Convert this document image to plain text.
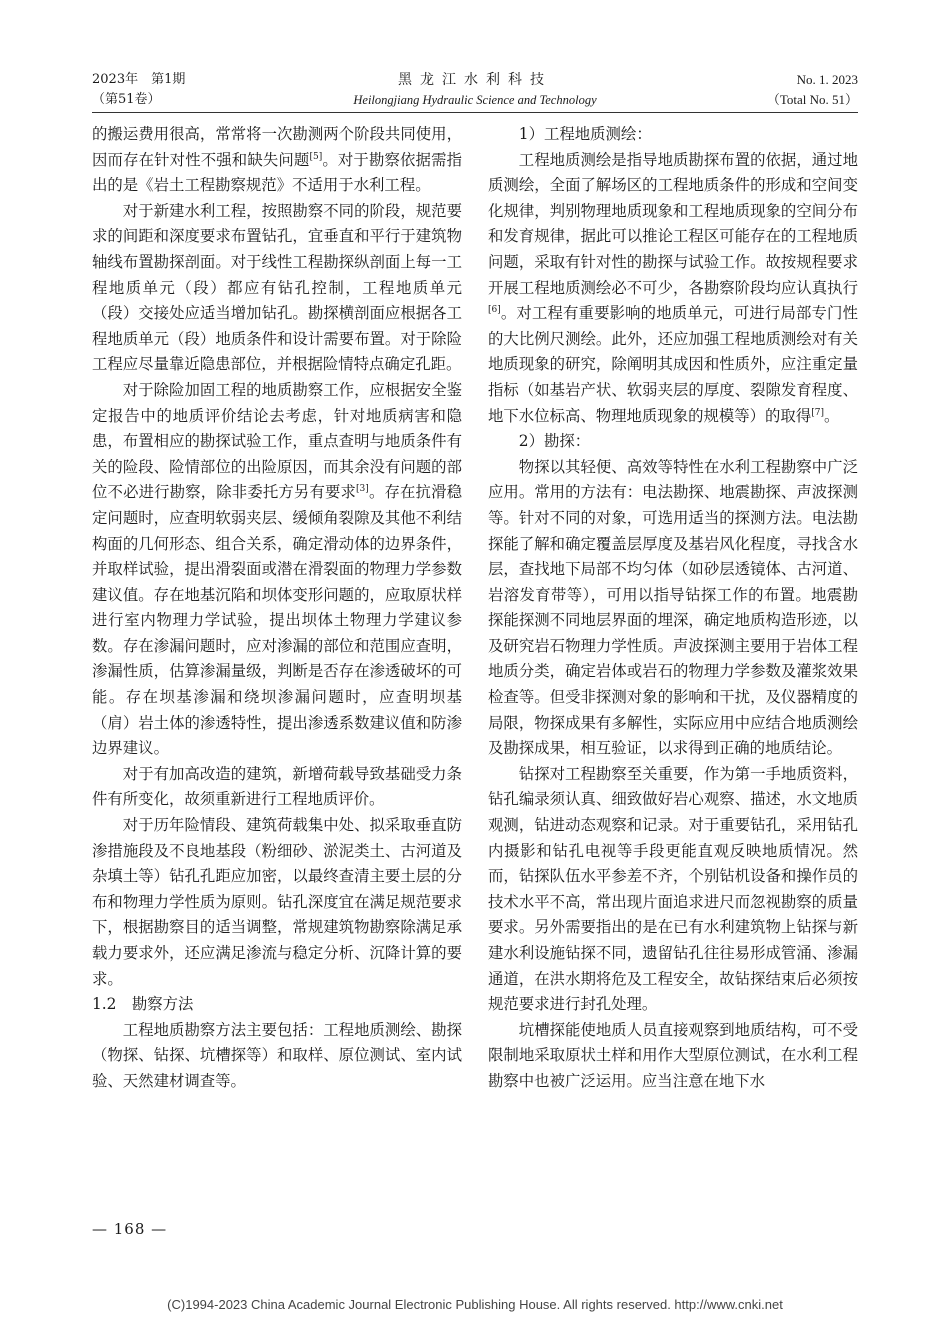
2023年　第1期
（第51卷）
黑龙江水利科技
Heilongjiang Hydraulic Science and Technology
No. 1. 2023
（Total No. 51）

的搬运费用很高，常常将一次勘测两个阶段共同使用，因而存在针对性不强和缺失问题[5]。对于勘察依据需指出的是《岩土工程勘察规范》不适用于水利工程。

对于新建水利工程，按照勘察不同的阶段，规范要求的间距和深度要求布置钻孔，宜垂直和平行于建筑物轴线布置勘探剖面。对于线性工程勘探纵剖面上每一工程地质单元（段）都应有钻孔控制，工程地质单元（段）交接处应适当增加钻孔。勘探横剖面应根据各工程地质单元（段）地质条件和设计需要布置。对于除险工程应尽量靠近隐患部位，并根据险情特点确定孔距。

对于除险加固工程的地质勘察工作，应根据安全鉴定报告中的地质评价结论去考虑，针对地质病害和隐患，布置相应的勘探试验工作，重点查明与地质条件有关的险段、险情部位的出险原因，而其余没有问题的部位不必进行勘察，除非委托方另有要求[3]。存在抗滑稳定问题时，应查明软弱夹层、缓倾角裂隙及其他不利结构面的几何形态、组合关系，确定滑动体的边界条件，并取样试验，提出滑裂面或潜在滑裂面的物理力学参数建议值。存在地基沉陷和坝体变形问题的，应取原状样进行室内物理力学试验，提出坝体土物理力学建议参数。存在渗漏问题时，应对渗漏的部位和范围应查明，渗漏性质，估算渗漏量级，判断是否存在渗透破坏的可能。存在坝基渗漏和绕坝渗漏问题时，应查明坝基（肩）岩土体的渗透特性，提出渗透系数建议值和防渗边界建议。

对于有加高改造的建筑，新增荷载导致基础受力条件有所变化，故须重新进行工程地质评价。

对于历年险情段、建筑荷载集中处、拟采取垂直防渗措施段及不良地基段（粉细砂、淤泥类土、古河道及杂填土等）钻孔孔距应加密，以最终查清主要土层的分布和物理力学性质为原则。钻孔深度宜在满足规范要求下，根据勘察目的适当调整，常规建筑物勘察除满足承载力要求外，还应满足渗流与稳定分析、沉降计算的要求。

1.2　勘察方法

工程地质勘察方法主要包括：工程地质测绘、勘探（物探、钻探、坑槽探等）和取样、原位测试、室内试验、天然建材调查等。

1）工程地质测绘：

工程地质测绘是指导地质勘探布置的依据，通过地质测绘，全面了解场区的工程地质条件的形成和空间变化规律，判别物理地质现象和工程地质现象的空间分布和发育规律，据此可以推论工程区可能存在的工程地质问题，采取有针对性的勘探与试验工作。故按规程要求开展工程地质测绘必不可少，各勘察阶段均应认真执行[6]。对工程有重要影响的地质单元，可进行局部专门性的大比例尺测绘。此外，还应加强工程地质测绘对有关地质现象的研究，除阐明其成因和性质外，应注重定量指标（如基岩产状、软弱夹层的厚度、裂隙发育程度、地下水位标高、物理地质现象的规模等）的取得[7]。

2）勘探：

物探以其轻便、高效等特性在水利工程勘察中广泛应用。常用的方法有：电法勘探、地震勘探、声波探测等。针对不同的对象，可选用适当的探测方法。电法勘探能了解和确定覆盖层厚度及基岩风化程度，寻找含水层，查找地下局部不均匀体（如砂层透镜体、古河道、岩溶发育带等），可用以指导钻探工作的布置。地震勘探能探测不同地层界面的埋深，确定地质构造形迹，以及研究岩石物理力学性质。声波探测主要用于岩体工程地质分类，确定岩体或岩石的物理力学参数及灌浆效果检查等。但受非探测对象的影响和干扰，及仪器精度的局限，物探成果有多解性，实际应用中应结合地质测绘及勘探成果，相互验证，以求得到正确的地质结论。

钻探对工程勘察至关重要，作为第一手地质资料，钻孔编录须认真、细致做好岩心观察、描述，水文地质观测，钻进动态观察和记录。对于重要钻孔，采用钻孔内摄影和钻孔电视等手段更能直观反映地质情况。然而，钻探队伍水平参差不齐，个别钻机设备和操作员的技术水平不高，常出现片面追求进尺而忽视勘察的质量要求。另外需要指出的是在已有水利建筑物上钻探与新建水利设施钻探不同，遗留钻孔往往易形成管涌、渗漏通道，在洪水期将危及工程安全，故钻探结束后必须按规范要求进行封孔处理。

坑槽探能使地质人员直接观察到地质结构，可不受限制地采取原状土样和用作大型原位测试，在水利工程勘察中也被广泛运用。应当注意在地下水

— 168 —
(C)1994-2023 China Academic Journal Electronic Publishing House. All rights reserved. http://www.cnki.net
